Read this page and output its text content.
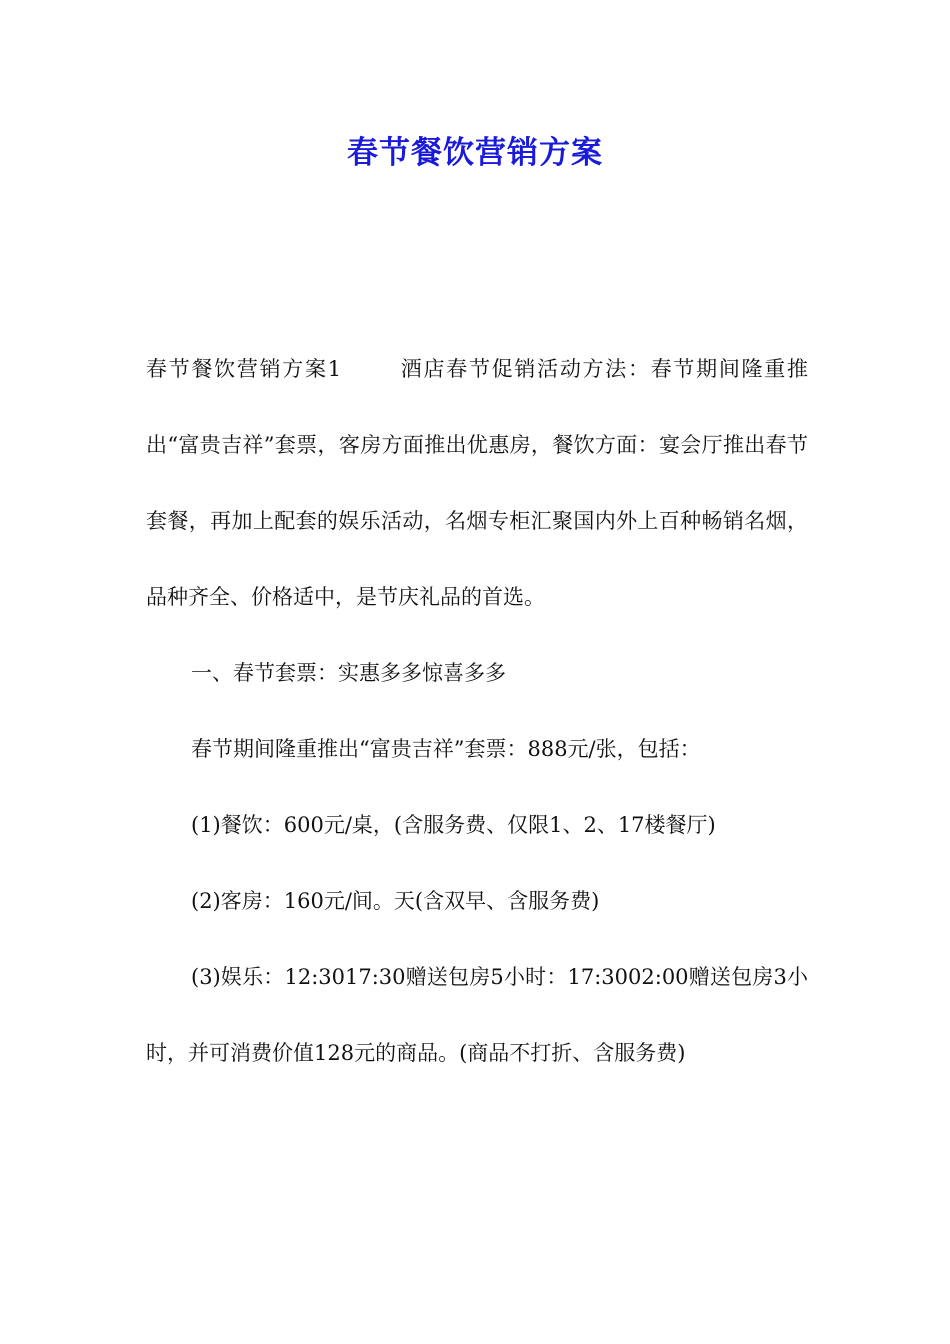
春节餐饮营销方案

春节餐饮营销方案1	酒店春节促销活动方法：春节期间隆重推出“富贵吉祥”套票，客房方面推出优惠房，餐饮方面：宴会厅推出春节套餐，再加上配套的娱乐活动，名烟专柜汇聚国内外上百种畅销名烟，品种齐全、价格适中，是节庆礼品的首选。

一、春节套票：实惠多多惊喜多多

春节期间隆重推出“富贵吉祥”套票：888元/张，包括：

(1)餐饮：600元/桌，(含服务费、仅限1、2、17楼餐厅)

(2)客房：160元/间。天(含双早、含服务费)

(3)娱乐：12:3017:30赠送包房5小时：17:3002:00赠送包房3小时，并可消费价值128元的商品。(商品不打折、含服务费)
